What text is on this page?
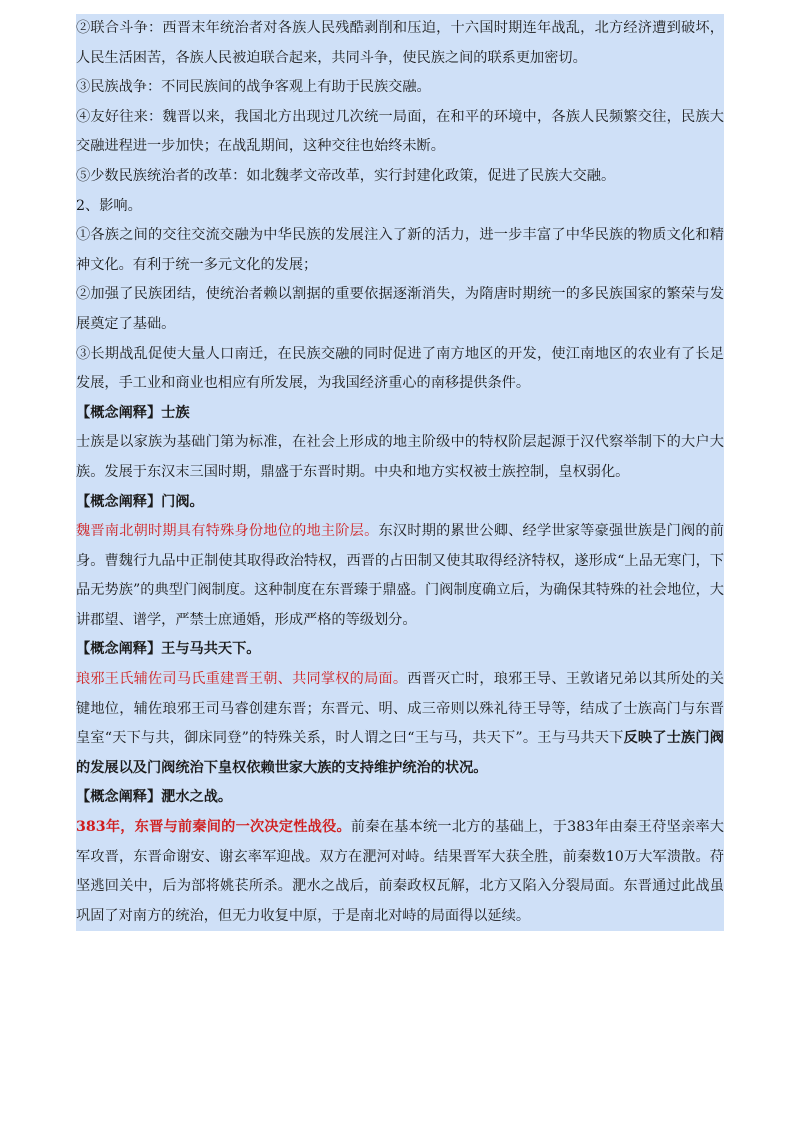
②联合斗争：西晋末年统治者对各族人民残酷剥削和压迫，十六国时期连年战乱，北方经济遭到破坏，人民生活困苦，各族人民被迫联合起来，共同斗争，使民族之间的联系更加密切。

③民族战争：不同民族间的战争客观上有助于民族交融。

④友好往来：魏晋以来，我国北方出现过几次统一局面，在和平的环境中，各族人民频繁交往，民族大交融进程进一步加快；在战乱期间，这种交往也始终未断。

⑤少数民族统治者的改革：如北魏孝文帝改革，实行封建化政策，促进了民族大交融。

2、影响。

①各族之间的交往交流交融为中华民族的发展注入了新的活力，进一步丰富了中华民族的物质文化和精神文化。有利于统一多元文化的发展；

②加强了民族团结，使统治者赖以割据的重要依据逐渐消失，为隋唐时期统一的多民族国家的繁荣与发展奠定了基础。

③长期战乱促使大量人口南迁，在民族交融的同时促进了南方地区的开发，使江南地区的农业有了长足发展，手工业和商业也相应有所发展，为我国经济重心的南移提供条件。

【概念阐释】士族

士族是以家族为基础门第为标准，在社会上形成的地主阶级中的特权阶层起源于汉代察举制下的大户大族。发展于东汉末三国时期，鼎盛于东晋时期。中央和地方实权被士族控制，皇权弱化。

【概念阐释】门阀。

魏晋南北朝时期具有特殊身份地位的地主阶层。东汉时期的累世公卿、经学世家等豪强世族是门阀的前身。曹魏行九品中正制使其取得政治特权，西晋的占田制又使其取得经济特权，遂形成“上品无寒门，下品无势族”的典型门阀制度。这种制度在东晋臻于鼎盛。门阀制度确立后，为确保其特殊的社会地位，大讲郡望、谱学，严禁士庶通婚，形成严格的等级划分。

【概念阐释】王与马共天下。

琅邪王氏辅佐司马氏重建晋王朝、共同掌权的局面。西晋灭亡时，琅邪王导、王敦诸兄弟以其所处的关键地位，辅佐琅邪王司马睿创建东晋；东晋元、明、成三帝则以殊礼待王导等，结成了士族高门与东晋皇室“天下与共，御床同登”的特殊关系，时人谓之曰“王与马，共天下”。王与马共天下反映了士族门阀的发展以及门阀统治下皇权依赖世家大族的支持维护统治的状况。

【概念阐释】淝水之战。

383年，东晋与前秦间的一次决定性战役。前秦在基本统一北方的基础上，于383年由秦王苻坚亲率大军攻晋，东晋命谢安、谢玄率军迎战。双方在淝河对峙。结果晋军大获全胜，前秦数10万大军溃散。苻坚逃回关中，后为部将姚苌所杀。淝水之战后，前秦政权瓦解，北方又陷入分裂局面。东晋通过此战虽巩固了对南方的统治，但无力收复中原，于是南北对峙的局面得以延续。
